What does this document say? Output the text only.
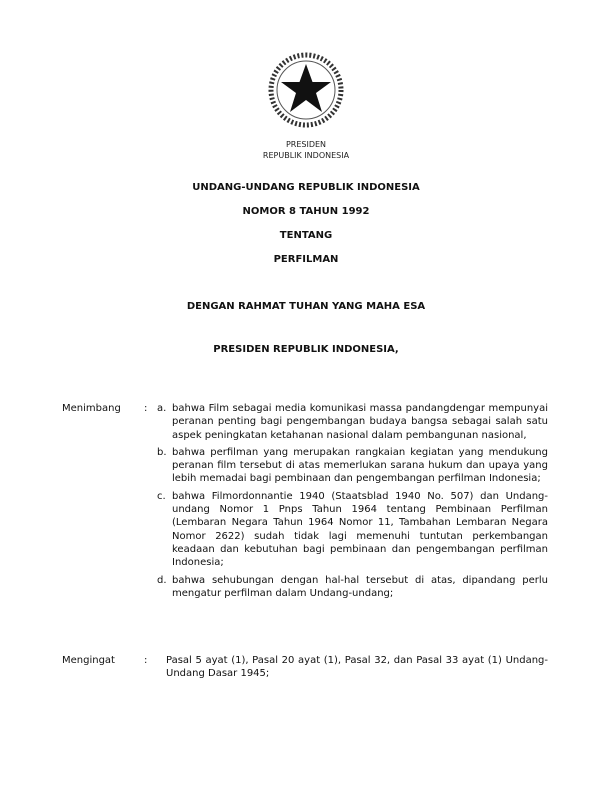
PRESIDEN
REPUBLIK INDONESIA
UNDANG-UNDANG REPUBLIK INDONESIA
NOMOR 8 TAHUN 1992
TENTANG
PERFILMAN
DENGAN RAHMAT TUHAN YANG MAHA ESA
PRESIDEN REPUBLIK INDONESIA,
Menimbang : a. bahwa Film sebagai media komunikasi massa pandangdengar mempunyai peranan penting bagi pengembangan budaya bangsa sebagai salah satu aspek peningkatan ketahanan nasional dalam pembangunan nasional,
b. bahwa perfilman yang merupakan rangkaian kegiatan yang mendukung peranan film tersebut di atas memerlukan sarana hukum dan upaya yang lebih memadai bagi pembinaan dan pengembangan perfilman Indonesia;
c. bahwa Filmordonnantie 1940 (Staatsblad 1940 No. 507) dan Undang-undang Nomor 1 Pnps Tahun 1964 tentang Pembinaan Perfilman (Lembaran Negara Tahun 1964 Nomor 11, Tambahan Lembaran Negara Nomor 2622) sudah tidak lagi memenuhi tuntutan perkembangan keadaan dan kebutuhan bagi pembinaan dan pengembangan perfilman Indonesia;
d. bahwa sehubungan dengan hal-hal tersebut di atas, dipandang perlu mengatur perfilman dalam Undang-undang;
Mengingat	: Pasal 5 ayat (1), Pasal 20 ayat (1), Pasal 32, dan Pasal 33 ayat (1) Undang-Undang Dasar 1945;
